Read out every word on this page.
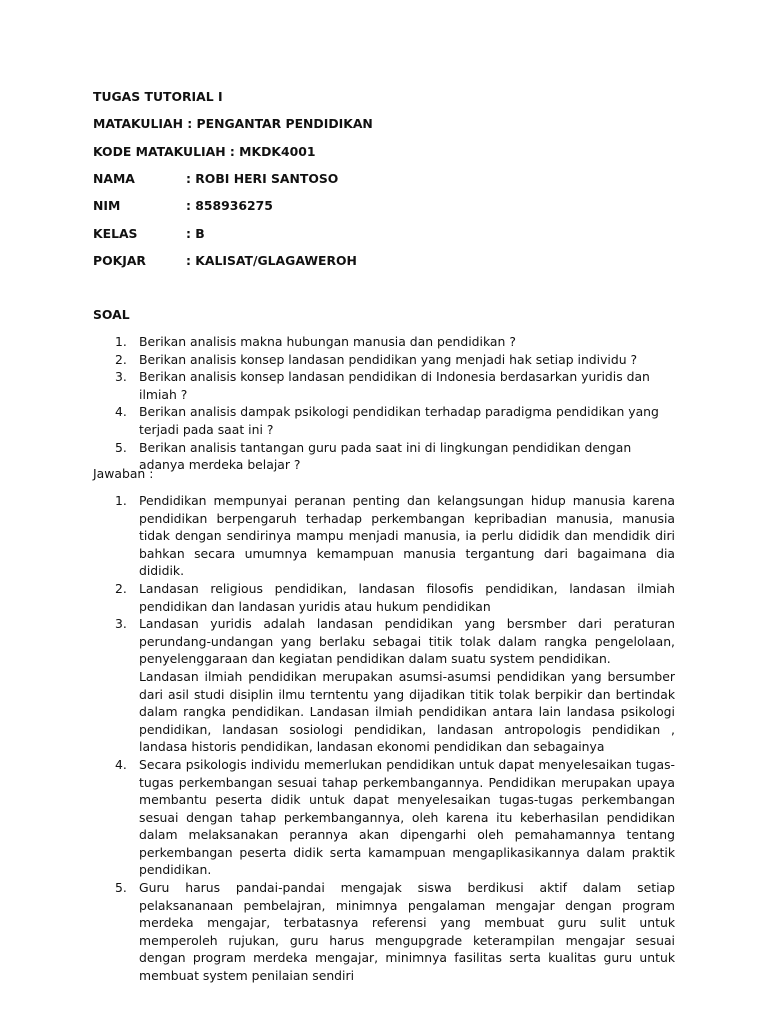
TUGAS TUTORIAL I
MATAKULIAH : PENGANTAR PENDIDIKAN
KODE MATAKULIAH : MKDK4001
NAMA	: ROBI HERI SANTOSO
NIM	: 858936275
KELAS	: B
POKJAR	: KALISAT/GLAGAWEROH
SOAL
1. Berikan analisis makna hubungan manusia dan pendidikan ?
2. Berikan analisis konsep landasan pendidikan yang menjadi hak setiap individu ?
3. Berikan analisis konsep landasan pendidikan di Indonesia berdasarkan yuridis dan ilmiah ?
4. Berikan analisis dampak psikologi pendidikan terhadap paradigma pendidikan yang terjadi pada saat ini ?
5. Berikan analisis tantangan guru pada saat ini di lingkungan pendidikan dengan adanya merdeka belajar ?
Jawaban :
1. Pendidikan mempunyai peranan penting dan kelangsungan hidup manusia karena pendidikan berpengaruh terhadap perkembangan kepribadian manusia, manusia tidak dengan sendirinya mampu menjadi manusia, ia perlu dididik dan mendidik diri bahkan secara umumnya kemampuan manusia tergantung dari bagaimana dia dididik.

2. Landasan religious pendidikan, landasan filosofis pendidikan, landasan ilmiah pendidikan dan landasan yuridis atau hukum pendidikan

3. Landasan yuridis adalah landasan pendidikan yang bersmber dari peraturan perundang-undangan yang berlaku sebagai titik tolak dalam rangka pengelolaan, penyelenggaraan dan kegiatan pendidikan dalam suatu system pendidikan.

Landasan ilmiah pendidikan merupakan asumsi-asumsi pendidikan yang bersumber dari asil studi disiplin ilmu terntentu yang dijadikan titik tolak berpikir dan bertindak dalam rangka pendidikan. Landasan ilmiah pendidikan antara lain landasa psikologi pendidikan, landasan sosiologi pendidikan, landasan antropologis pendidikan , landasa historis pendidikan, landasan ekonomi pendidikan dan sebagainya

4. Secara psikologis individu memerlukan pendidikan untuk dapat menyelesaikan tugas-tugas perkembangan sesuai tahap perkembangannya. Pendidikan merupakan upaya membantu peserta didik untuk dapat menyelesaikan tugas-tugas perkembangan sesuai dengan tahap perkembangannya, oleh karena itu keberhasilan pendidikan dalam melaksanakan perannya akan dipengarhi oleh pemahamannya tentang perkembangan peserta didik serta kamampuan mengaplikasikannya dalam praktik pendidikan.

5. Guru harus pandai-pandai mengajak siswa berdikusi aktif dalam setiap pelaksananaan pembelajran, minimnya pengalaman mengajar dengan program merdeka mengajar, terbatasnya referensi yang membuat guru sulit untuk memperoleh rujukan, guru harus mengupgrade keterampilan mengajar sesuai dengan program merdeka mengajar, minimnya fasilitas serta kualitas guru untuk membuat system penilaian sendiri
